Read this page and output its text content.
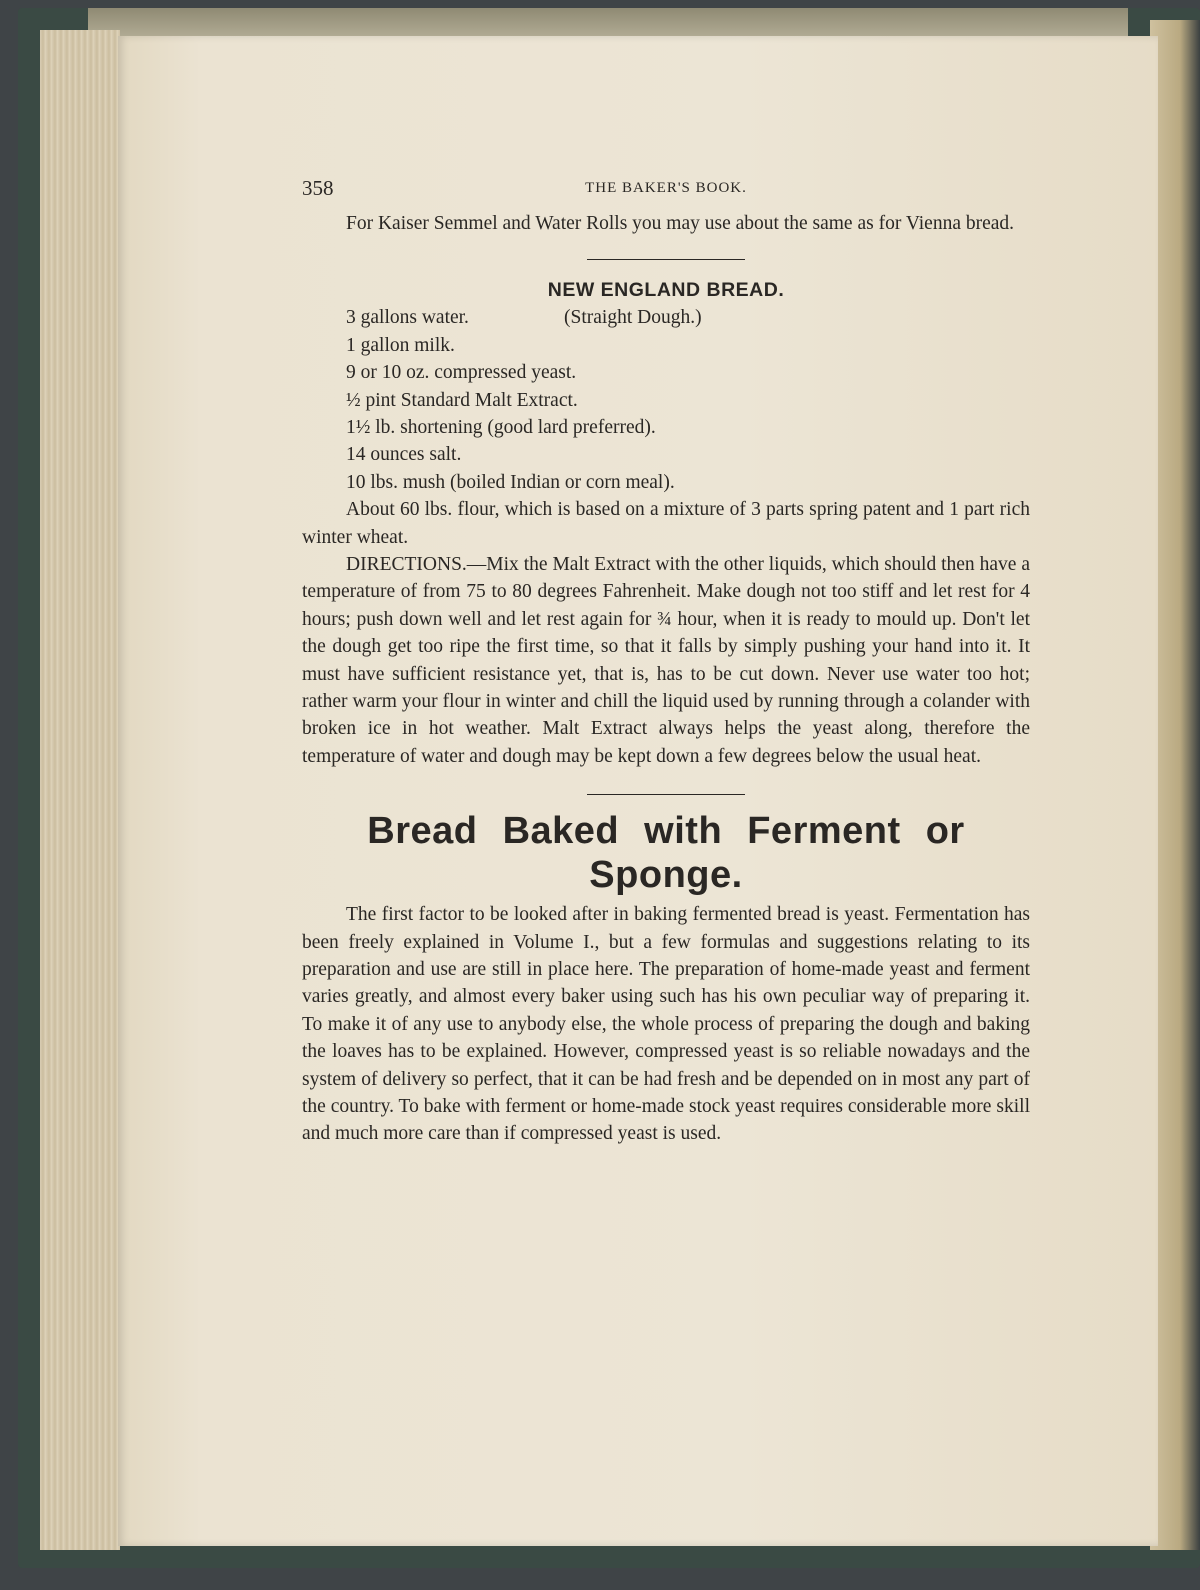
358	THE BAKER'S BOOK.

For Kaiser Semmel and Water Rolls you may use about the same as for Vienna bread.

NEW ENGLAND BREAD.
3 gallons water.	(Straight Dough.)
1 gallon milk.
9 or 10 oz. compressed yeast.
½ pint Standard Malt Extract.
1½ lb. shortening (good lard preferred).
14 ounces salt.
10 lbs. mush (boiled Indian or corn meal).

About 60 lbs. flour, which is based on a mixture of 3 parts spring patent and 1 part rich winter wheat.

DIRECTIONS.—Mix the Malt Extract with the other liquids, which should then have a temperature of from 75 to 80 degrees Fahrenheit. Make dough not too stiff and let rest for 4 hours; push down well and let rest again for ¾ hour, when it is ready to mould up. Don't let the dough get too ripe the first time, so that it falls by simply pushing your hand into it. It must have sufficient resistance yet, that is, has to be cut down. Never use water too hot; rather warm your flour in winter and chill the liquid used by running through a colander with broken ice in hot weather. Malt Extract always helps the yeast along, therefore the temperature of water and dough may be kept down a few degrees below the usual heat.

Bread Baked with Ferment or
Sponge.

The first factor to be looked after in baking fermented bread is yeast. Fermentation has been freely explained in Volume I., but a few formulas and suggestions relating to its preparation and use are still in place here. The preparation of home-made yeast and ferment varies greatly, and almost every baker using such has his own peculiar way of preparing it. To make it of any use to anybody else, the whole process of preparing the dough and baking the loaves has to be explained. However, compressed yeast is so reliable nowadays and the system of delivery so perfect, that it can be had fresh and be depended on in most any part of the country. To bake with ferment or home-made stock yeast requires considerable more skill and much more care than if compressed yeast is used.
